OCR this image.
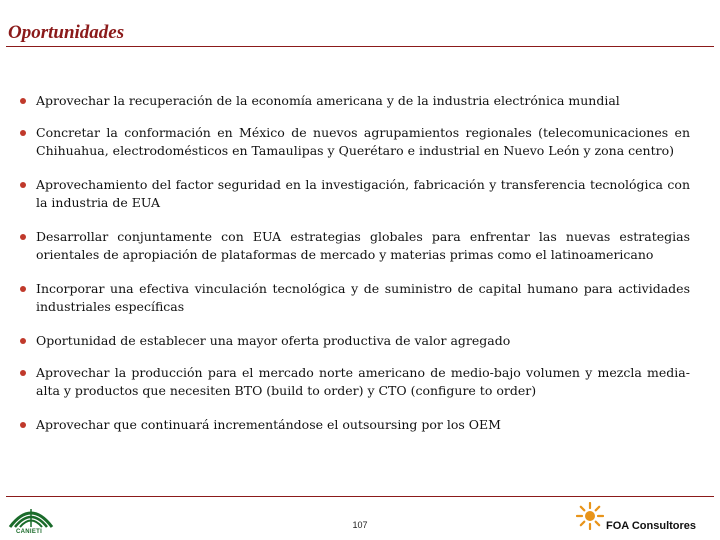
Oportunidades
Aprovechar la recuperación de la economía americana y de la industria electrónica mundial
Concretar la conformación en México de nuevos agrupamientos regionales (telecomunicaciones en Chihuahua, electrodomésticos en Tamaulipas y Querétaro e industrial en Nuevo León y zona centro)
Aprovechamiento del factor seguridad en la investigación, fabricación y transferencia tecnológica con la industria de EUA
Desarrollar conjuntamente con EUA estrategias globales para enfrentar las nuevas estrategias orientales de apropiación de plataformas de mercado y materias primas como el latinoamericano
Incorporar una efectiva vinculación tecnológica y de suministro de capital humano para actividades industriales específicas
Oportunidad de establecer una mayor oferta productiva de valor agregado
Aprovechar la producción para el mercado norte americano de medio-bajo volumen y mezcla media-alta y productos que necesiten BTO (build to order) y CTO (configure to order)
Aprovechar que continuará incrementándose el outsoursing por los OEM
CANIETI
107	FOA Consultores
